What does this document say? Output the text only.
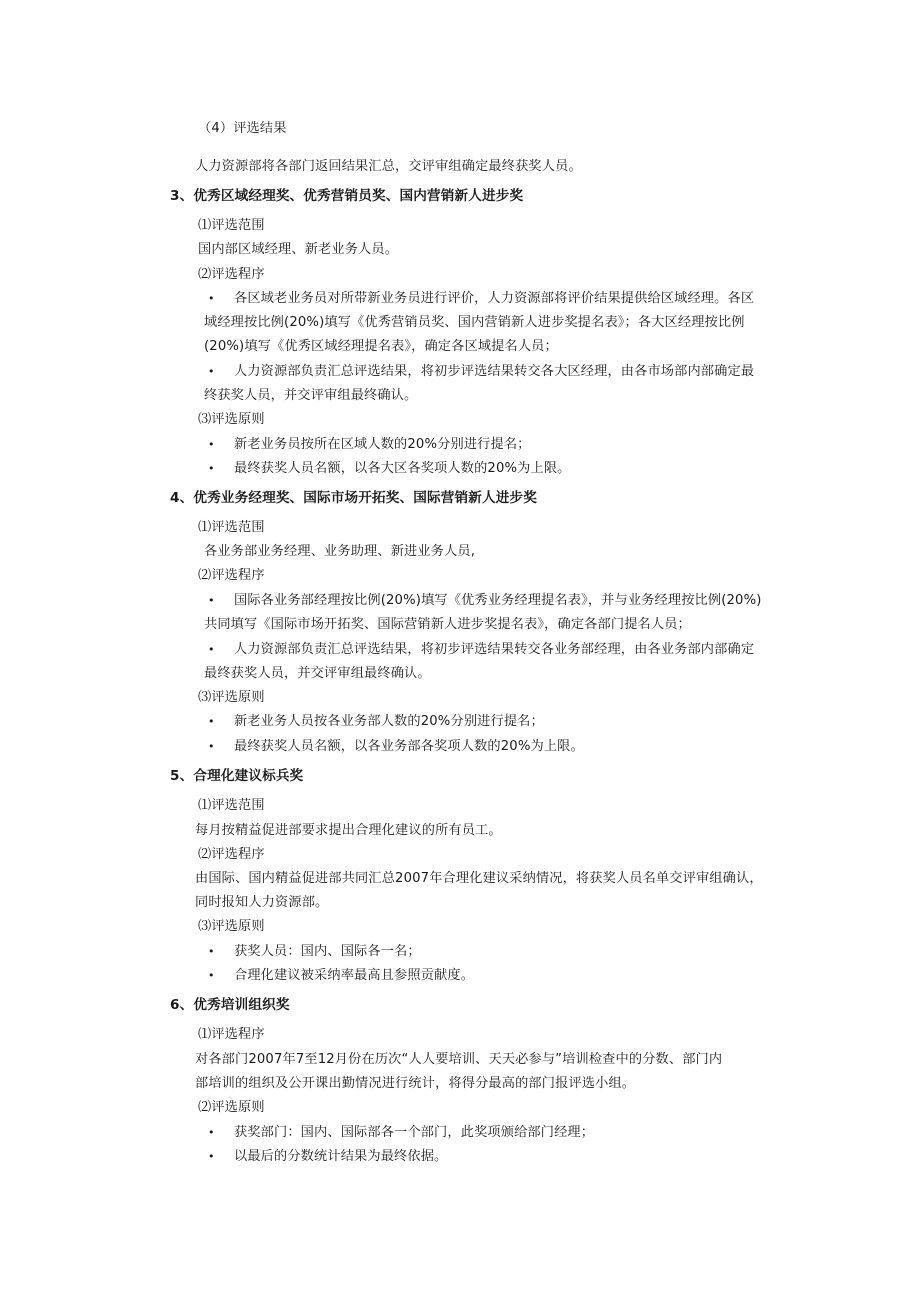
（4）评选结果
人力资源部将各部门返回结果汇总，交评审组确定最终获奖人员。
3、优秀区域经理奖、优秀营销员奖、国内营销新人进步奖
⑴评选范围
国内部区域经理、新老业务人员。
⑵评选程序
• 各区域老业务员对所带新业务员进行评价，人力资源部将评价结果提供给区域经理。各区
域经理按比例(20%)填写《优秀营销员奖、国内营销新人进步奖提名表》；各大区经理按比例
(20%)填写《优秀区域经理提名表》，确定各区域提名人员；
• 人力资源部负责汇总评选结果，将初步评选结果转交各大区经理，由各市场部内部确定最
终获奖人员，并交评审组最终确认。
⑶评选原则
• 新老业务员按所在区域人数的20%分别进行提名；
• 最终获奖人员名额，以各大区各奖项人数的20%为上限。
4、优秀业务经理奖、国际市场开拓奖、国际营销新人进步奖
⑴评选范围
各业务部业务经理、业务助理、新进业务人员,
⑵评选程序
• 国际各业务部经理按比例(20%)填写《优秀业务经理提名表》，并与业务经理按比例(20%)
共同填写《国际市场开拓奖、国际营销新人进步奖提名表》，确定各部门提名人员；
• 人力资源部负责汇总评选结果，将初步评选结果转交各业务部经理，由各业务部内部确定
最终获奖人员，并交评审组最终确认。
⑶评选原则
• 新老业务人员按各业务部人数的20%分别进行提名；
• 最终获奖人员名额，以各业务部各奖项人数的20%为上限。
5、合理化建议标兵奖
⑴评选范围
每月按精益促进部要求提出合理化建议的所有员工。
⑵评选程序
由国际、国内精益促进部共同汇总2007年合理化建议采纳情况，将获奖人员名单交评审组确认，
同时报知人力资源部。
⑶评选原则
• 获奖人员：国内、国际各一名；
• 合理化建议被采纳率最高且参照贡献度。
6、优秀培训组织奖
⑴评选程序
对各部门2007年7至12月份在历次“人人要培训、天天必参与”培训检查中的分数、部门内
部培训的组织及公开课出勤情况进行统计，将得分最高的部门报评选小组。
⑵评选原则
• 获奖部门：国内、国际部各一个部门，此奖项颁给部门经理；
• 以最后的分数统计结果为最终依据。
